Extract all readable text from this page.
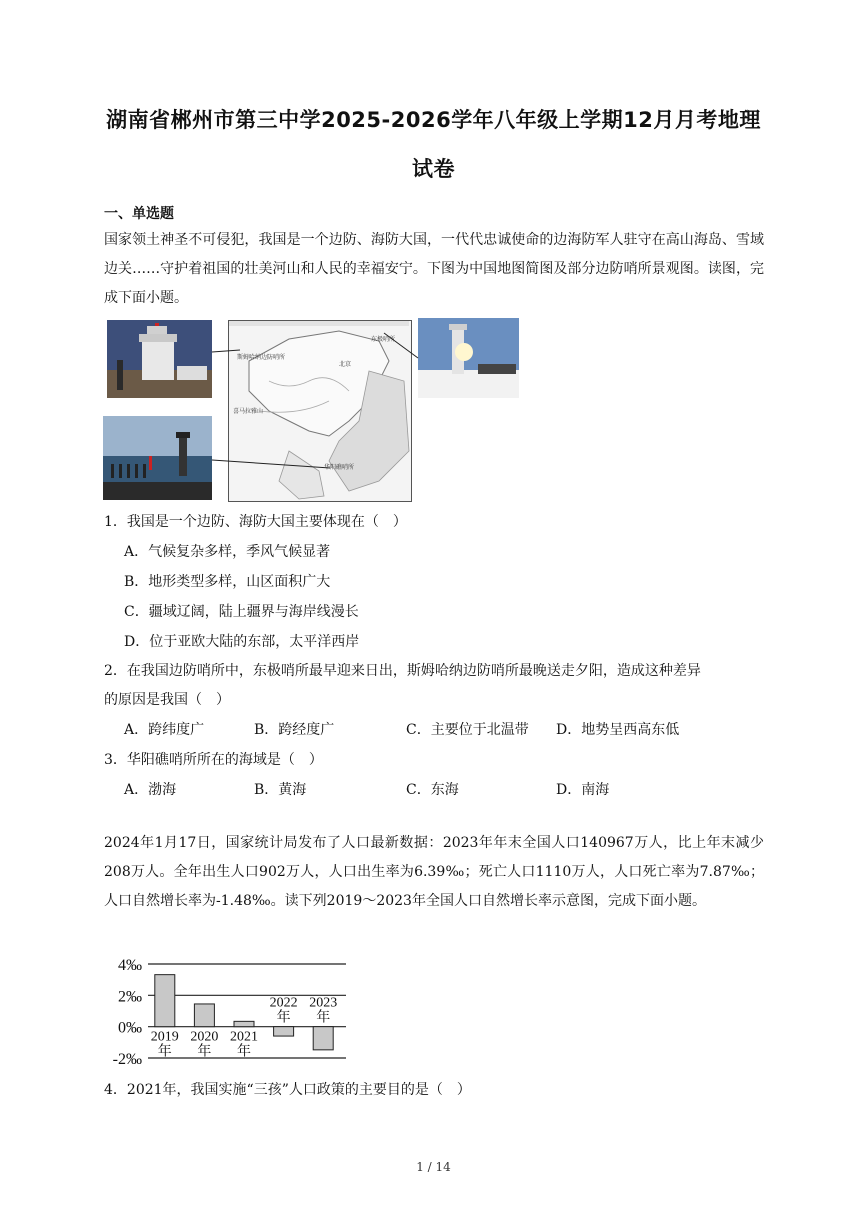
湖南省郴州市第三中学2025-2026学年八年级上学期12月月考地理
试卷
一、单选题
国家领土神圣不可侵犯，我国是一个边防、海防大国，一代代忠诚使命的边海防军人驻守在高山海岛、雪域边关……守护着祖国的壮美河山和人民的幸福安宁。下图为中国地图简图及部分边防哨所景观图。读图，完成下面小题。
斯姆哈纳边防哨所
东极哨所
北京
华阳礁哨所
喜马拉雅山
1．我国是一个边防、海防大国主要体现在（　）
A．气候复杂多样，季风气候显著
B．地形类型多样，山区面积广大
C．疆域辽阔，陆上疆界与海岸线漫长
D．位于亚欧大陆的东部，太平洋西岸
2．在我国边防哨所中，东极哨所最早迎来日出，斯姆哈纳边防哨所最晚送走夕阳，造成这种差异
的原因是我国（　）
A．跨纬度广	B．跨经度广	C．主要位于北温带 D．地势呈西高东低
3．华阳礁哨所所在的海域是（　）
A．渤海	B．黄海	C．东海	D．南海
2024年1月17日，国家统计局发布了人口最新数据：2023年年末全国人口140967万人，比上年末减少208万人。全年出生人口902万人，人口出生率为6.39‰；死亡人口1110万人，人口死亡率为7.87‰；人口自然增长率为-1.48‰。读下列2019～2023年全国人口自然增长率示意图，完成下面小题。
4‰
2‰
0‰
-2‰
2019
年
2020
年
2021
年
2022
年
2023
年
4．2021年，我国实施“三孩”人口政策的主要目的是（　）
1 / 14
